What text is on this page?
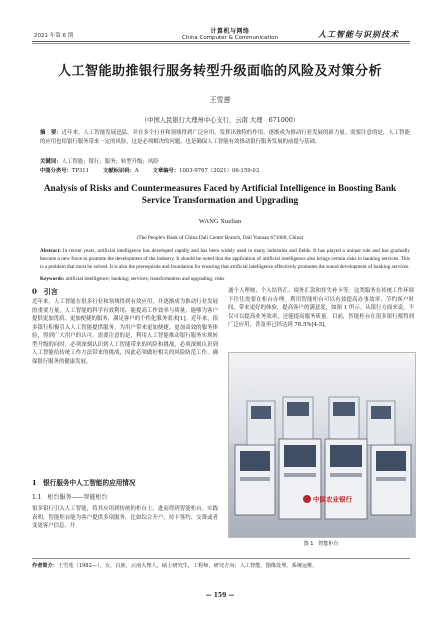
2021 年第 6 期
计算机与网络
China Computer & Communication	人工智能与识别技术
人工智能助推银行服务转型升级面临的风险及对策分析
王雪莲
（中国人民银行大理州中心支行，云南 大理　671000）
摘　要：近年来，人工智能发展迅猛，并在多个行业和领域得到广泛应用，发挥出独特的作用，逐渐成为推动行业发展的新力量。需要注意的是，人工智能的应用也给银行服务带来一定的风险，这是必须解决的问题，也是确保人工智能有效推动银行服务发展的前提与基础。
关键词：人工智能；银行；服务；转型升级；风险
中图分类号：TP311	文献标识码：A	文章编号：1003-9767（2021）06-159-03
Analysis of Risks and Countermeasures Faced by Artificial Intelligence in Boosting Bank Service Transformation and Upgrading
WANG Xuelian
(The People's Bank of China Dali Center Branch, Dali Yunnan 671000, China)
Abstract: In recent years, artificial intelligence has developed rapidly and has been widely used in many industries and fields. It has played a unique role and has gradually become a new force to promote the development of the industry. It should be noted that the application of artificial intelligence also brings certain risks to banking services. This is a problem that must be solved. It is also the prerequisite and foundation for ensuring that artificial intelligence effectively promotes the sound development of banking services.
Keywords: artificial intelligence; banking; services; transformation and upgrading; risks
0　引言
近年来，人工智能在很多行业和领域得到有效应用，并逐渐成为推动行业发展的重要力量。人工智能的科学有效利用，能提高工作效率与质量，能够为客户提供更加优质、更加便捷的服务，满足客户的个性化服务需求[1]。近年来，很多银行积极引入人工智能提供服务，为用户带来更加便捷、更加高效的服务体验，得到广大用户的认可。需要注意的是，利用人工智能推动银行服务实现转型升级的同时，必须深刻认识到人工智能带来的风险和挑战，必须深刻认识到人工智能给传统工作方法带来的挑战，因此必须做好相关的风险防范工作，确保银行服务的健康发展。
1　银行服务中人工智能的应用情况
1.1　柜台服务——智能柜台
很多银行引入人工智能，将其应用到传统的柜台上，进而得到智能柜台。实践表明，智能柜台能为客户提供多项服务，比如综合开户、持卡签约、交费或者变更客户信息、开
通个人理财、个人结售汇、境外汇款和挂失补卡等。这类服务在传统工作环境下往往需要在柜台办理。利用智能柜台可以有效提高办事效率，节约客户时间，带来更好的体验，提高客户的满意度，如图 1 所示。从银行方面来说，不仅可以提高业务效率，还能提高服务质量。目前，智能柜台在很多银行都得到广泛应用，普及率已经达到 78.5%[4-5]。
中国农业银行
图 1　智能柜台
作者简介：王雪莲（1982—），女，白族，云南大理人，硕士研究生，工程师，研究方向：人工智能、图像处理、系统运维。
— 159 —
